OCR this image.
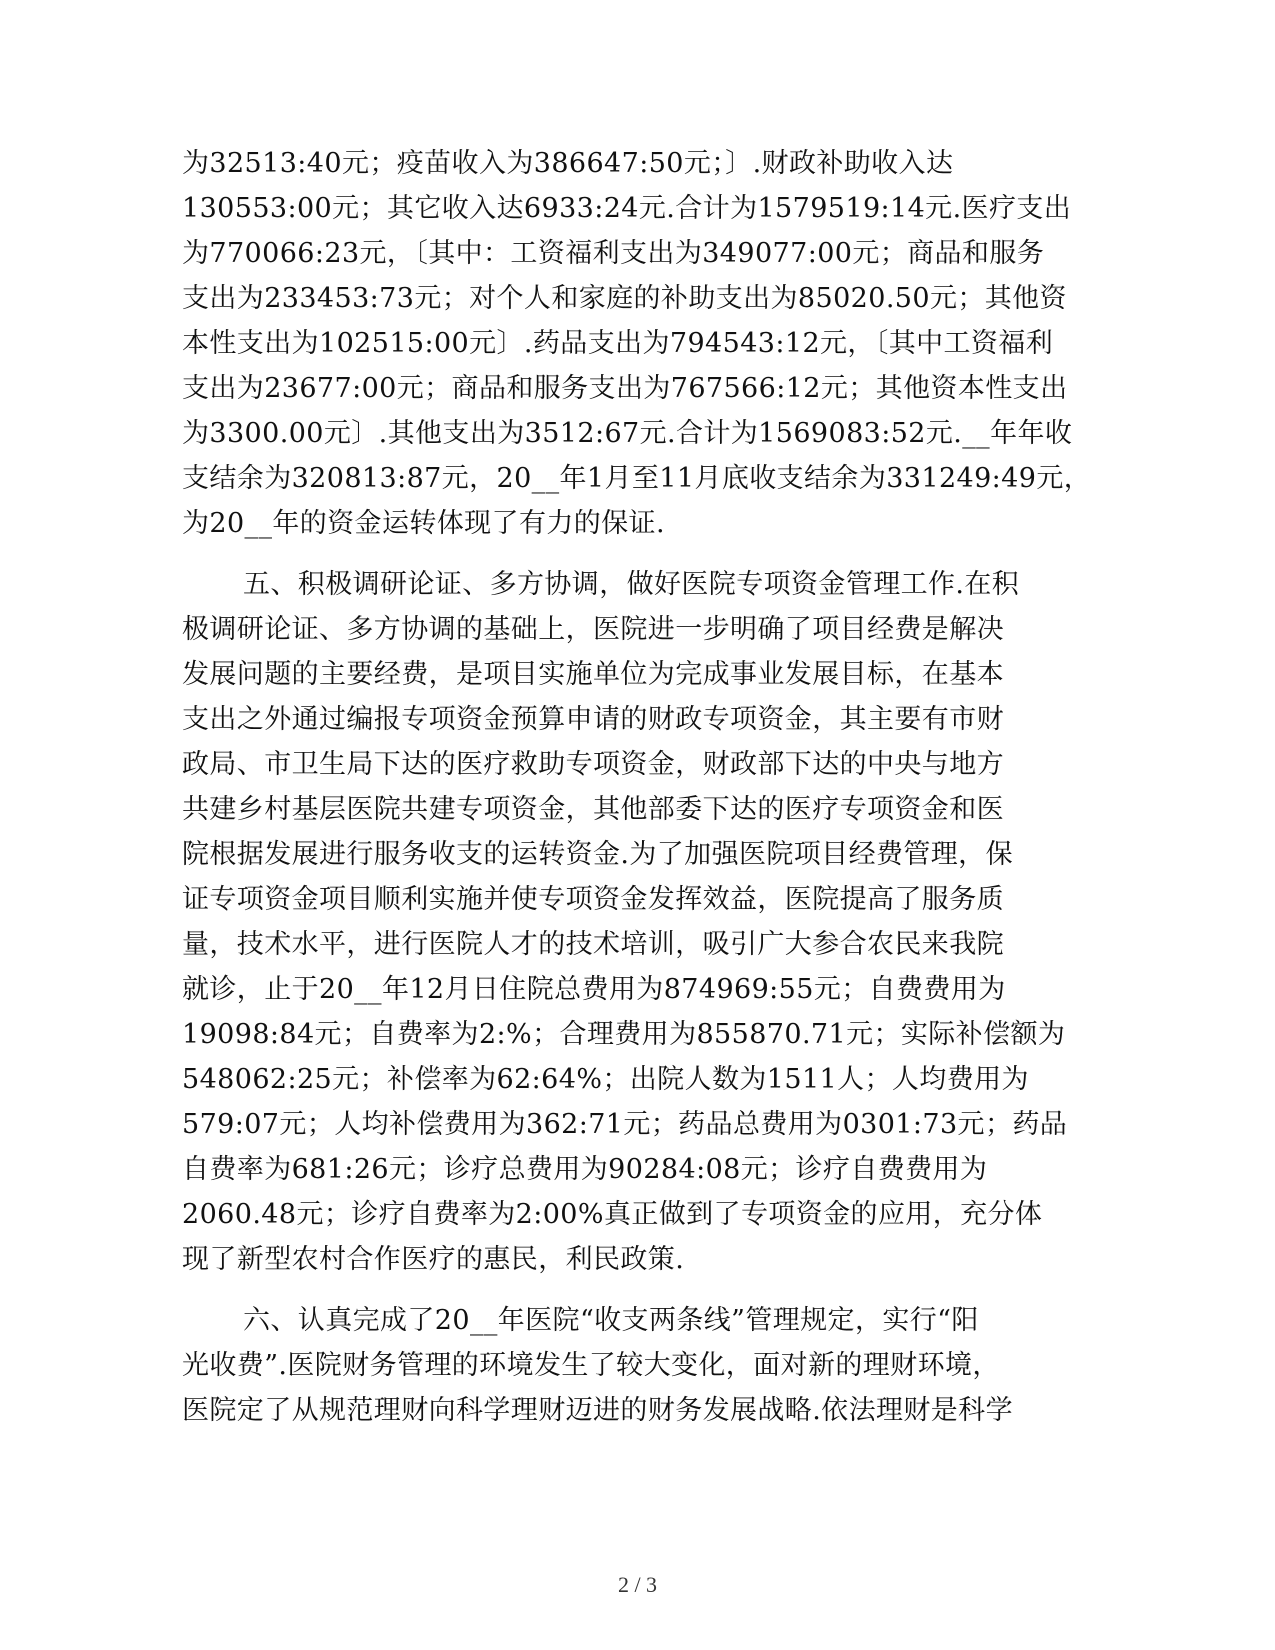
为32513:40元；疫苗收入为386647:50元；〕.财政补助收入达
130553:00元；其它收入达6933:24元.合计为1579519:14元.医疗支出
为770066:23元，〔其中：工资福利支出为349077:00元；商品和服务
支出为233453:73元；对个人和家庭的补助支出为85020.50元；其他资
本性支出为102515:00元〕.药品支出为794543:12元，〔其中工资福利
支出为23677:00元；商品和服务支出为767566:12元；其他资本性支出
为3300.00元〕.其他支出为3512:67元.合计为1569083:52元.__年年收
支结余为320813:87元，20__年1月至11月底收支结余为331249:49元，
为20__年的资金运转体现了有力的保证.
五、积极调研论证、多方协调，做好医院专项资金管理工作.在积
极调研论证、多方协调的基础上，医院进一步明确了项目经费是解决
发展问题的主要经费，是项目实施单位为完成事业发展目标，在基本
支出之外通过编报专项资金预算申请的财政专项资金，其主要有市财
政局、市卫生局下达的医疗救助专项资金，财政部下达的中央与地方
共建乡村基层医院共建专项资金，其他部委下达的医疗专项资金和医
院根据发展进行服务收支的运转资金.为了加强医院项目经费管理，保
证专项资金项目顺利实施并使专项资金发挥效益，医院提高了服务质
量，技术水平，进行医院人才的技术培训，吸引广大参合农民来我院
就诊，止于20__年12月日住院总费用为874969:55元；自费费用为
19098:84元；自费率为2:%；合理费用为855870.71元；实际补偿额为
548062:25元；补偿率为62:64%；出院人数为1511人；人均费用为
579:07元；人均补偿费用为362:71元；药品总费用为0301:73元；药品
自费率为681:26元；诊疗总费用为90284:08元；诊疗自费费用为
2060.48元；诊疗自费率为2:00%真正做到了专项资金的应用，充分体
现了新型农村合作医疗的惠民，利民政策.
六、认真完成了20__年医院“收支两条线”管理规定，实行“阳
光收费”.医院财务管理的环境发生了较大变化，面对新的理财环境，
医院定了从规范理财向科学理财迈进的财务发展战略.依法理财是科学
2 / 3
